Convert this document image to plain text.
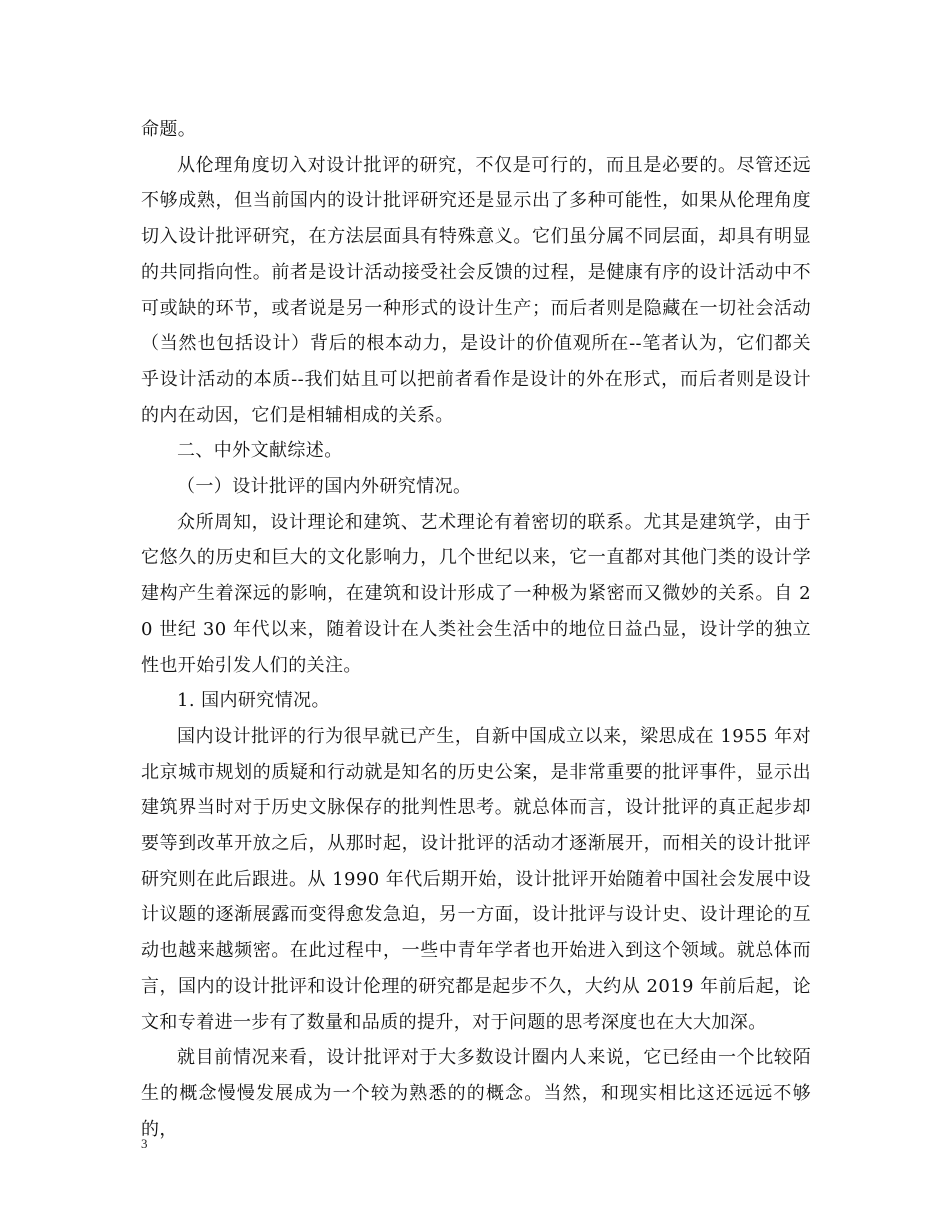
命题。

从伦理角度切入对设计批评的研究，不仅是可行的，而且是必要的。尽管还远不够成熟，但当前国内的设计批评研究还是显示出了多种可能性，如果从伦理角度切入设计批评研究，在方法层面具有特殊意义。它们虽分属不同层面，却具有明显的共同指向性。前者是设计活动接受社会反馈的过程，是健康有序的设计活动中不可或缺的环节，或者说是另一种形式的设计生产；而后者则是隐藏在一切社会活动（当然也包括设计）背后的根本动力，是设计的价值观所在--笔者认为，它们都关乎设计活动的本质--我们姑且可以把前者看作是设计的外在形式，而后者则是设计的内在动因，它们是相辅相成的关系。

二、中外文献综述。

（一）设计批评的国内外研究情况。

众所周知，设计理论和建筑、艺术理论有着密切的联系。尤其是建筑学，由于它悠久的历史和巨大的文化影响力，几个世纪以来，它一直都对其他门类的设计学建构产生着深远的影响，在建筑和设计形成了一种极为紧密而又微妙的关系。自 20 世纪 30 年代以来，随着设计在人类社会生活中的地位日益凸显，设计学的独立性也开始引发人们的关注。

1. 国内研究情况。

国内设计批评的行为很早就已产生，自新中国成立以来，梁思成在 1955 年对北京城市规划的质疑和行动就是知名的历史公案，是非常重要的批评事件，显示出建筑界当时对于历史文脉保存的批判性思考。就总体而言，设计批评的真正起步却要等到改革开放之后，从那时起，设计批评的活动才逐渐展开，而相关的设计批评研究则在此后跟进。从 1990 年代后期开始，设计批评开始随着中国社会发展中设计议题的逐渐展露而变得愈发急迫，另一方面，设计批评与设计史、设计理论的互动也越来越频密。在此过程中，一些中青年学者也开始进入到这个领域。就总体而言，国内的设计批评和设计伦理的研究都是起步不久，大约从 2019 年前后起，论文和专着进一步有了数量和品质的提升，对于问题的思考深度也在大大加深。

就目前情况来看，设计批评对于大多数设计圈内人来说，它已经由一个比较陌生的概念慢慢发展成为一个较为熟悉的的概念。当然，和现实相比这还远远不够的，

3
